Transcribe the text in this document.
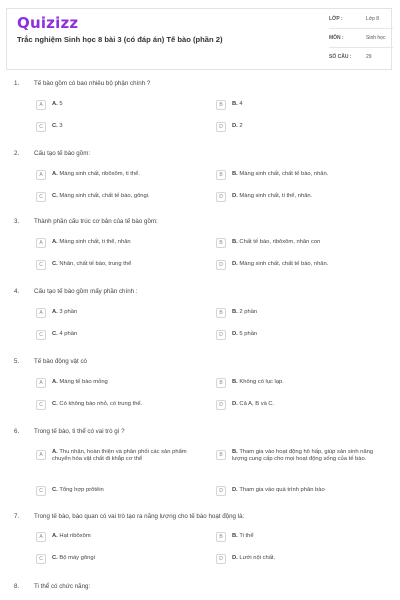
Quizizz
Trắc nghiệm Sinh học 8 bài 3 (có đáp án) Tế bào (phần 2)
LỚP :	Lớp 8
MÔN :	Sinh học
SỐ CÂU :	29
1. Tế bào gồm có bao nhiêu bộ phận chính ?
A	A. 5	B	B. 4
C	C. 3	D	D. 2
2. Cấu tạo tế bào gồm:
A	A. Màng sinh chất, ribôxôm, ti thể.	B	B. Màng sinh chất, chất tế bào, nhân.
C	C. Màng sinh chất, chất tế bào, gôngi.	D	D. Màng sinh chất, ti thể, nhân.
3. Thành phần cấu trúc cơ bản của tế bào gồm:
A	A. Màng sinh chất, ti thể, nhân	B	B. Chất tế bào, ribôxôm, nhân con
C	C. Nhân, chất tế bào, trung thể	D	D. Màng sinh chất, chất tế bào, nhân.
4. Cấu tạo tế bào gồm mấy phần chính :
A	A. 3 phần	B	B. 2 phần
C	C. 4 phần	D	D. 5 phần
5. Tế bào động vật có
A	A. Màng tế bào mỏng	B	B. Không có lục lạp.
C	C. Có không bào nhỏ, có trung thể.	D	D. Cả A, B và C.
6. Trong tế bào, ti thể có vai trò gì ?
A	A. Thu nhận, hoàn thiện và phân phối các sản phẩm chuyển hóa vật chất đi khắp cơ thể
B	B. Tham gia vào hoạt động hô hấp, giúp sản sinh năng lượng cung cấp cho mọi hoạt động sống của tế bào.
C	C. Tổng hợp prôtêin	D	D. Tham gia vào quá trình phân bào
7. Trong tế bào, bào quan có vai trò tạo ra năng lượng cho tế bào hoạt động là:
A	A. Hạt ribôxôm	B	B. Ti thể
C	C. Bộ máy gôngi	D	D. Lưới nội chất.
8. Ti thể có chức năng:
